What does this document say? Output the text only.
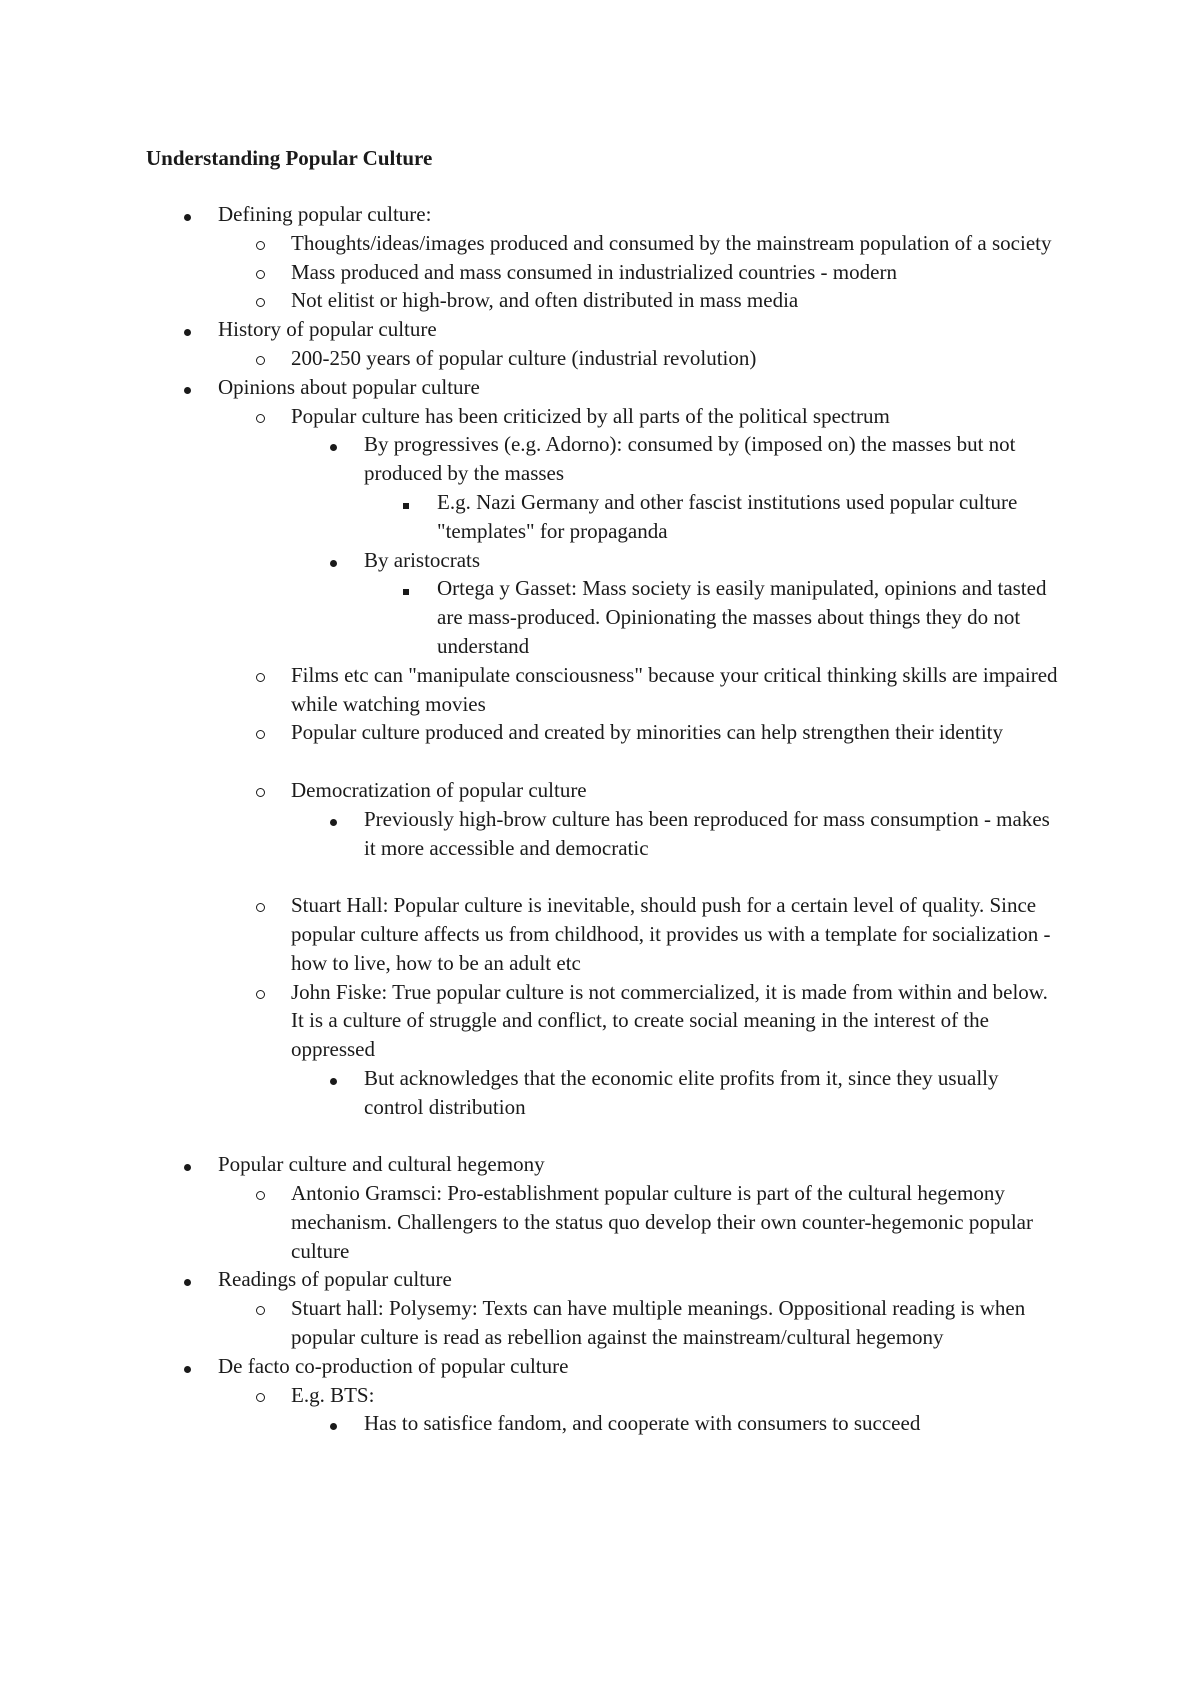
Understanding Popular Culture
Defining popular culture:
Thoughts/ideas/images produced and consumed by the mainstream population of a society
Mass produced and mass consumed in industrialized countries - modern
Not elitist or high-brow, and often distributed in mass media
History of popular culture
200-250 years of popular culture (industrial revolution)
Opinions about popular culture
Popular culture has been criticized by all parts of the political spectrum
By progressives (e.g. Adorno): consumed by (imposed on) the masses but not produced by the masses
E.g. Nazi Germany and other fascist institutions used popular culture "templates" for propaganda
By aristocrats
Ortega y Gasset: Mass society is easily manipulated, opinions and tasted are mass-produced. Opinionating the masses about things they do not understand
Films etc can "manipulate consciousness" because your critical thinking skills are impaired while watching movies
Popular culture produced and created by minorities can help strengthen their identity
Democratization of popular culture
Previously high-brow culture has been reproduced for mass consumption - makes it more accessible and democratic
Stuart Hall: Popular culture is inevitable, should push for a certain level of quality. Since popular culture affects us from childhood, it provides us with a template for socialization - how to live, how to be an adult etc
John Fiske: True popular culture is not commercialized, it is made from within and below. It is a culture of struggle and conflict, to create social meaning in the interest of the oppressed
But acknowledges that the economic elite profits from it, since they usually control distribution
Popular culture and cultural hegemony
Antonio Gramsci: Pro-establishment popular culture is part of the cultural hegemony mechanism. Challengers to the status quo develop their own counter-hegemonic popular culture
Readings of popular culture
Stuart hall: Polysemy: Texts can have multiple meanings. Oppositional reading is when popular culture is read as rebellion against the mainstream/cultural hegemony
De facto co-production of popular culture
E.g. BTS:
Has to satisfice fandom, and cooperate with consumers to succeed
